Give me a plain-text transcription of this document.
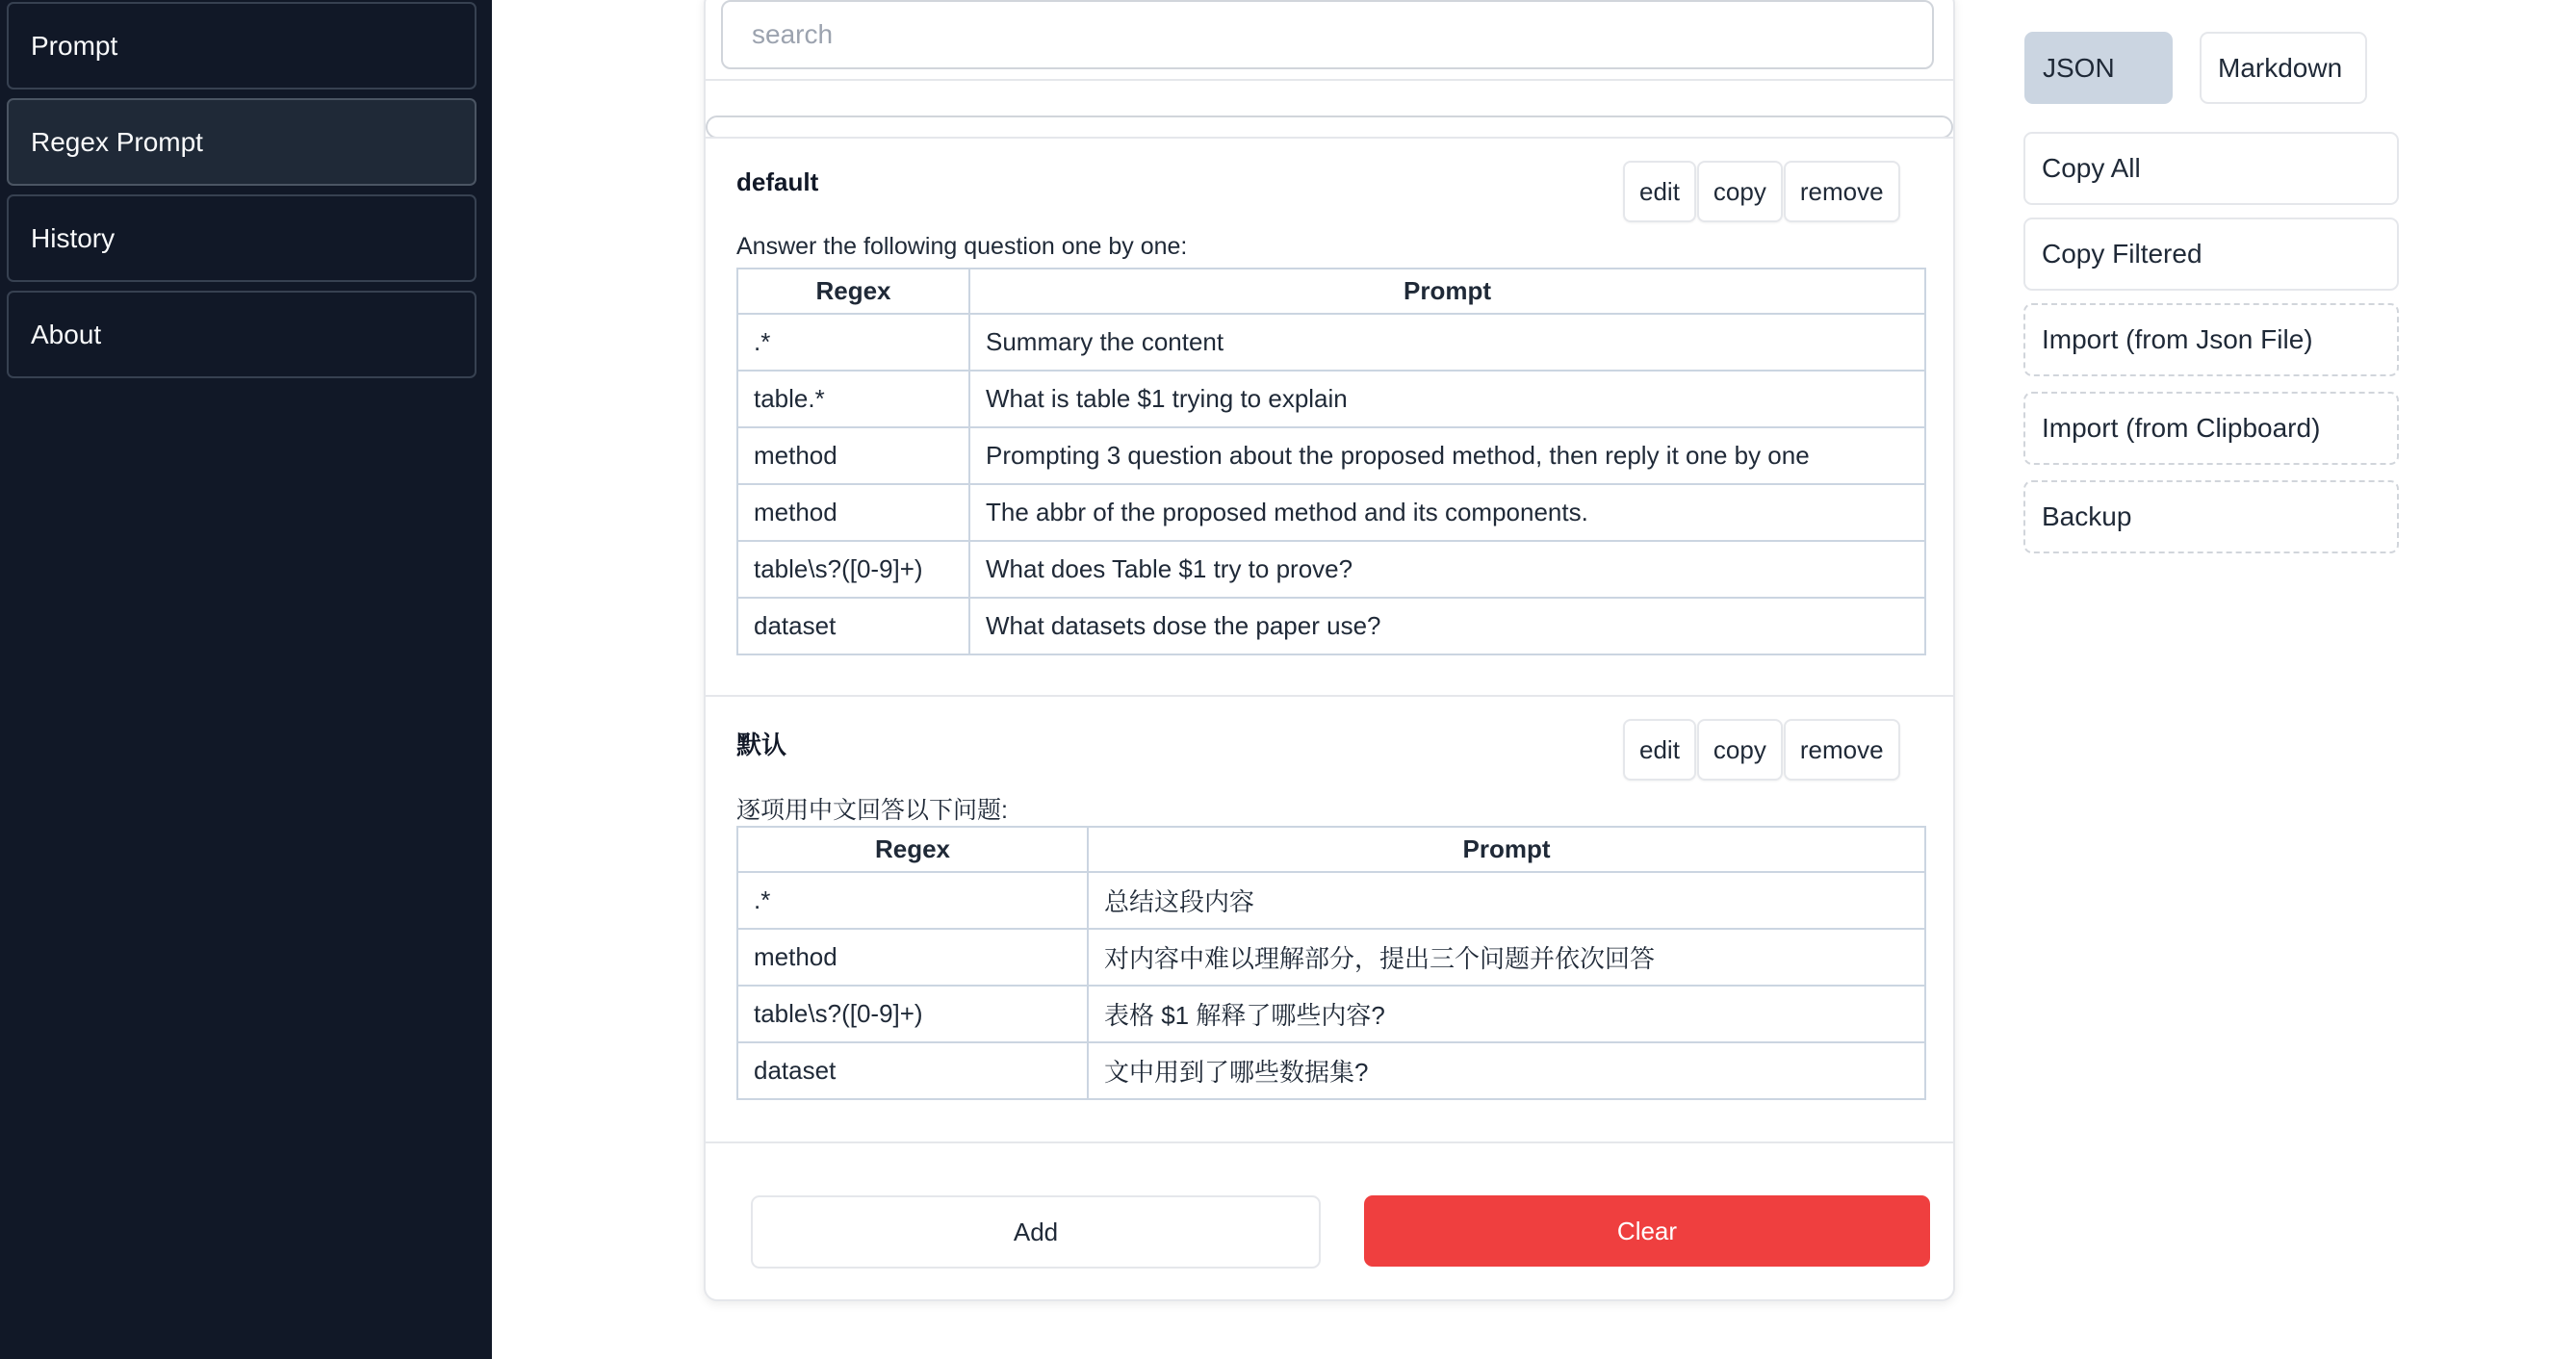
Prompt
Regex Prompt
History
About
search
default	edit	copy	remove
Answer the following question one by one:
Regex	Prompt
.*	Summary the content
table.*	What is table $1 trying to explain
method	Prompting 3 question about the proposed method, then reply it one by one
method	The abbr of the proposed method and its components.
table\s?([0-9]+)	What does Table $1 try to prove?
dataset	What datasets dose the paper use?
默认	edit	copy	remove
逐项用中文回答以下问题:
Regex	Prompt
.*	总结这段内容
method	对内容中难以理解部分，提出三个问题并依次回答
table\s?([0-9]+)	表格 $1 解释了哪些内容?
dataset	文中用到了哪些数据集?
Add	Clear
JSON	Markdown
Copy All
Copy Filtered
Import (from Json File)
Import (from Clipboard)
Backup
